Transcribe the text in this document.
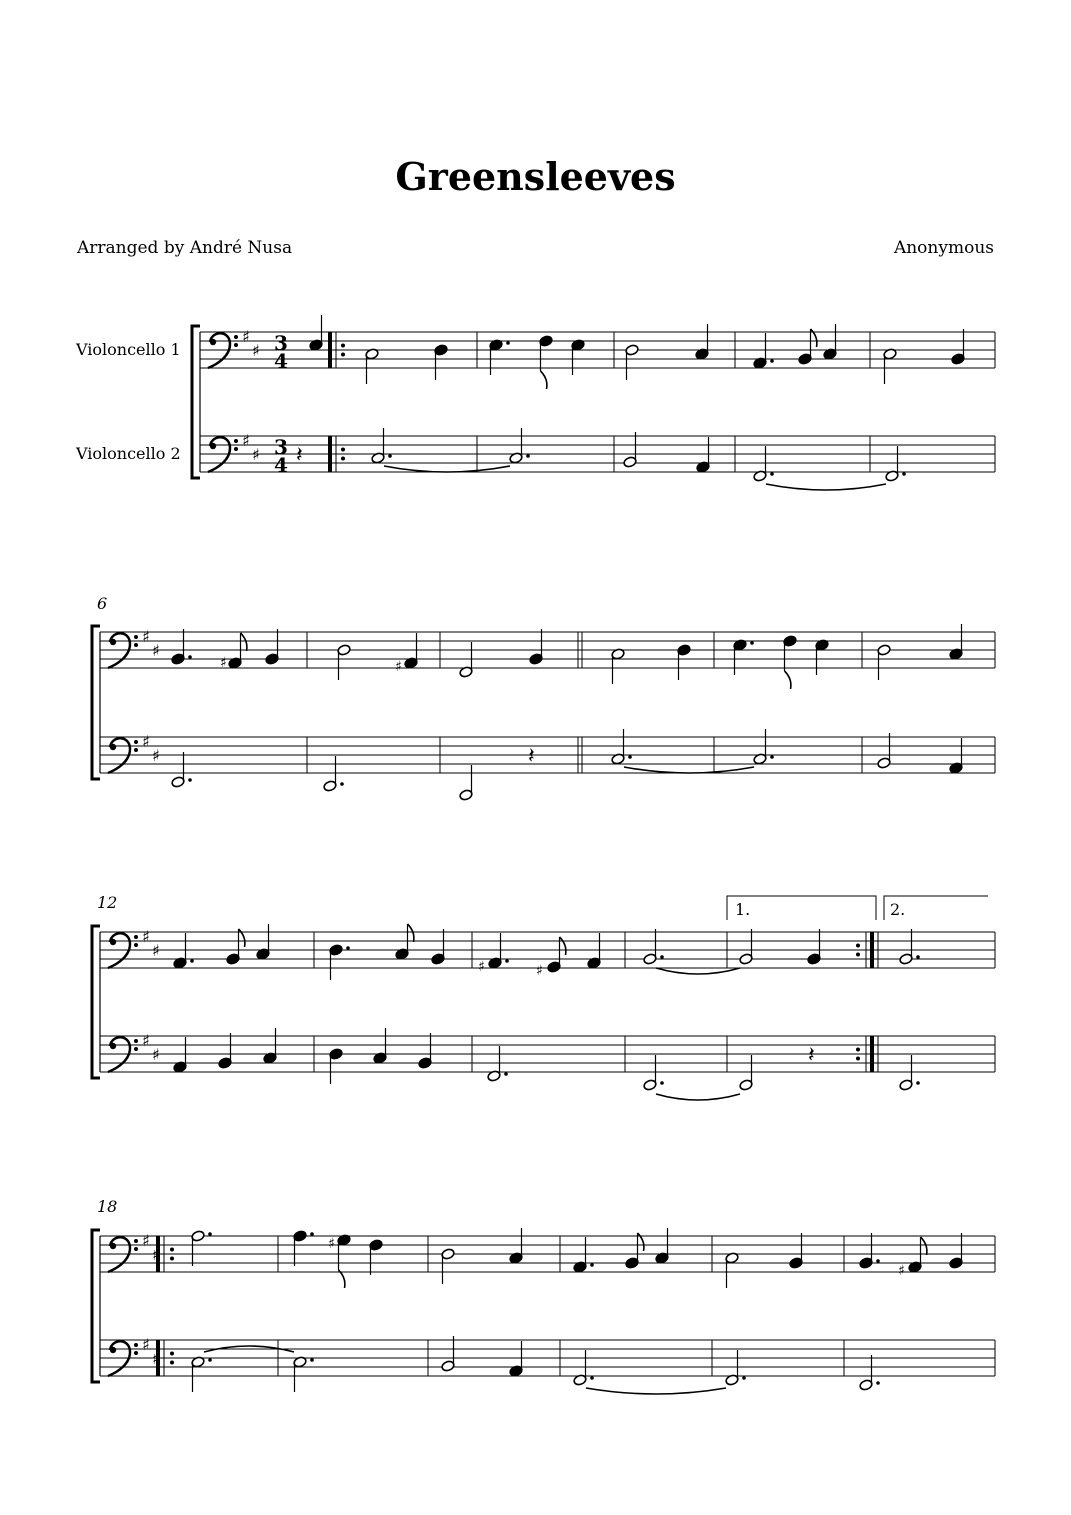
Greensleeves
Arranged by André Nusa	Anonymous
Violoncello 1
Violoncello 2
6
12
18
1.	2.
♯
♯
♯
♯
3
4
3
4
♯
♯
♯
♯
♯
♯
♯
♯
♯
♯
♯
♯
𝄽
♯	♯
𝄽
♯	♯
𝄽
♯
♯
